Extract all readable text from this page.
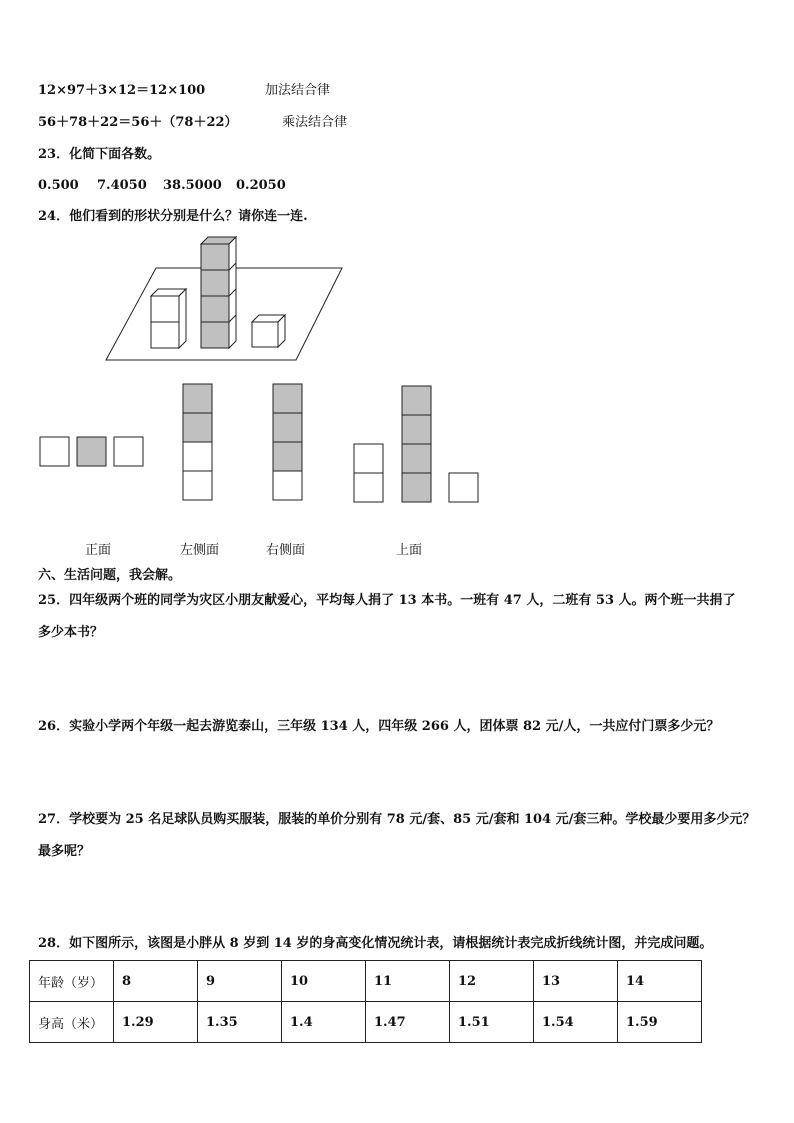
12×97＋3×12＝12×100	加法结合律
56＋78＋22＝56＋（78＋22）	乘法结合律
23．化简下面各数。
0.500 7.4050 38.5000 0.2050
24．他们看到的形状分别是什么？请你连一连.
正面	左侧面	右侧面	上面
六、生活问题，我会解。
25．四年级两个班的同学为灾区小朋友献爱心，平均每人捐了 13 本书。一班有 47 人，二班有 53 人。两个班一共捐了
多少本书？
26．实验小学两个年级一起去游览泰山，三年级 134 人，四年级 266 人，团体票 82 元/人，一共应付门票多少元？
27．学校要为 25 名足球队员购买服装，服装的单价分别有 78 元/套、85 元/套和 104 元/套三种。学校最少要用多少元？
最多呢？
28．如下图所示，该图是小胖从 8 岁到 14 岁的身高变化情况统计表，请根据统计表完成折线统计图，并完成问题。
年龄（岁）	8	9	10	11	12	13	14
身高（米）	1.29	1.35	1.4	1.47	1.51	1.54	1.59
